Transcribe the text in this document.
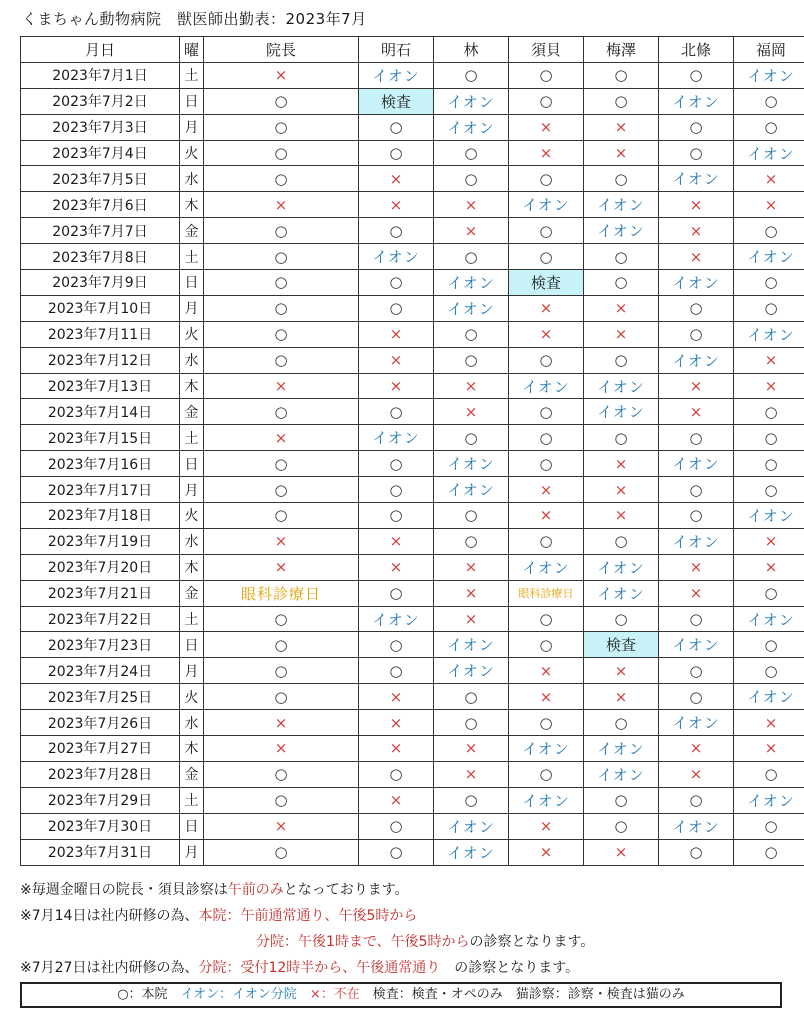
くまちゃん動物病院　獣医師出勤表：2023年7月
月日	曜	院長	明石	林	須貝	梅澤	北條	福岡
2023年7月1日	土	×	イオン	○	○	○	○	イオン
2023年7月2日	日	○	検査	イオン	○	○	イオン	○
2023年7月3日	月	○	○	イオン	×	×	○	○
2023年7月4日	火	○	○	○	×	×	○	イオン
2023年7月5日	水	○	×	○	○	○	イオン	×
2023年7月6日	木	×	×	×	イオン	イオン	×	×
2023年7月7日	金	○	○	×	○	イオン	×	○
2023年7月8日	土	○	イオン	○	○	○	×	イオン
2023年7月9日	日	○	○	イオン	検査	○	イオン	○
2023年7月10日	月	○	○	イオン	×	×	○	○
2023年7月11日	火	○	×	○	×	×	○	イオン
2023年7月12日	水	○	×	○	○	○	イオン	×
2023年7月13日	木	×	×	×	イオン	イオン	×	×
2023年7月14日	金	○	○	×	○	イオン	×	○
2023年7月15日	土	×	イオン	○	○	○	○	○
2023年7月16日	日	○	○	イオン	○	×	イオン	○
2023年7月17日	月	○	○	イオン	×	×	○	○
2023年7月18日	火	○	○	○	×	×	○	イオン
2023年7月19日	水	×	×	○	○	○	イオン	×
2023年7月20日	木	×	×	×	イオン	イオン	×	×
2023年7月21日	金	眼科診療日	○	×	眼科診療日	イオン	×	○
2023年7月22日	土	○	イオン	×	○	○	○	イオン
2023年7月23日	日	○	○	イオン	○	検査	イオン	○
2023年7月24日	月	○	○	イオン	×	×	○	○
2023年7月25日	火	○	×	○	×	×	○	イオン
2023年7月26日	水	×	×	○	○	○	イオン	×
2023年7月27日	木	×	×	×	イオン	イオン	×	×
2023年7月28日	金	○	○	×	○	イオン	×	○
2023年7月29日	土	○	×	○	イオン	○	○	イオン
2023年7月30日	日	×	○	イオン	×	○	イオン	○
2023年7月31日	月	○	○	イオン	×	×	○	○
※毎週金曜日の院長・須貝診察は午前のみとなっております。
※7月14日は社内研修の為、本院：午前通常通り、午後5時から
分院：午後1時まで、午後5時からの診察となります。
※7月27日は社内研修の為、分院：受付12時半から、午後通常通り　の診察となります。
○：本院　 イオン：イオン分院　 ×：不在　 検査：検査・オペのみ　 猫診察：診察・検査は猫のみ
